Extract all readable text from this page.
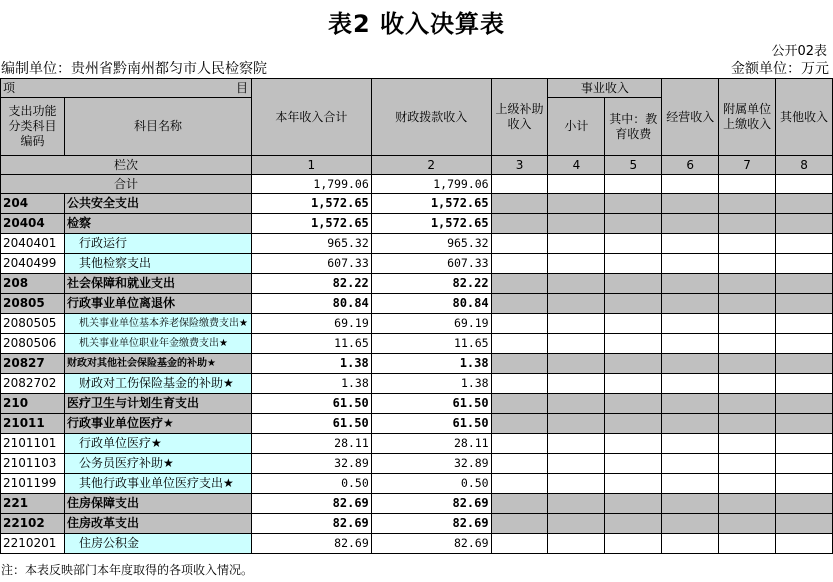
表2 收入决算表
公开02表
编制单位：贵州省黔南州都匀市人民检察院	金额单位：万元
项 目		本年收入合计	财政拨款收入	上级补助收入	事业收入		经营收入	附属单位上缴收入	其他收入
支出功能分类科目编码	科目名称				小计	其中：教育收费			

栏次		1	2	3	4	5	6	7	8
合计		1,799.06	1,799.06						
204	公共安全支出	1,572.65	1,572.65						
20404	检察	1,572.65	1,572.65						
2040401	行政运行	965.32	965.32						
2040499	其他检察支出	607.33	607.33						
208	社会保障和就业支出	82.22	82.22						
20805	行政事业单位离退休	80.84	80.84						
2080505	机关事业单位基本养老保险缴费支出★	69.19	69.19						
2080506	机关事业单位职业年金缴费支出★	11.65	11.65						
20827	财政对其他社会保险基金的补助★	1.38	1.38						
2082702	财政对工伤保险基金的补助★	1.38	1.38						
210	医疗卫生与计划生育支出	61.50	61.50						
21011	行政事业单位医疗★	61.50	61.50						
2101101	行政单位医疗★	28.11	28.11						
2101103	公务员医疗补助★	32.89	32.89						
2101199	其他行政事业单位医疗支出★	0.50	0.50						
221	住房保障支出	82.69	82.69						
22102	住房改革支出	82.69	82.69						
2210201	住房公积金	82.69	82.69						
注：本表反映部门本年度取得的各项收入情况。
